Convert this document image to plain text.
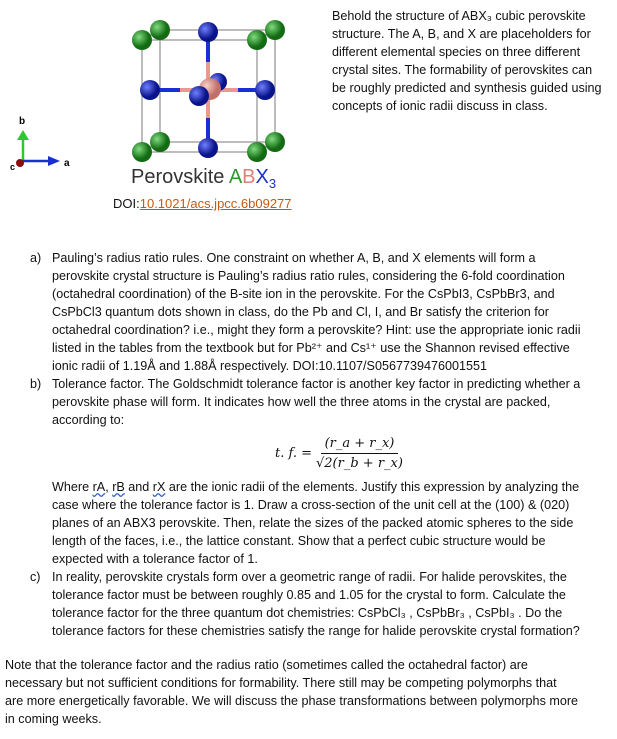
b
a
c	Perovskite $ABX_3$
DOI:10.1021/acs.jpcc.6b09277
t. f. = $\frac{(r\_a + r\_x)}{√2(r\_b + r\_x)}$
Where rA, rB and rX are the ionic radii of the elements. Justify this expression by analyzing the
Behold the structure of ABX₃ cubic perovskite
structure. The A, B, and X are placeholders for
different elemental species on three different
crystal sites. The formability of perovskites can
be roughly predicted and synthesis guided using
concepts of ionic radii discuss in class.
a) Pauling’s radius ratio rules. One constraint on whether A, B, and X elements will form a
perovskite crystal structure is Pauling’s radius ratio rules, considering the 6-fold coordination
(octahedral coordination) of the B-site ion in the perovskite. For the CsPbI3, CsPbBr3, and
CsPbCl3 quantum dots shown in class, do the Pb and Cl, I, and Br satisfy the criterion for
octahedral coordination? i.e., might they form a perovskite? Hint: use the appropriate ionic radii
listed in the tables from the textbook but for Pb²⁺ and Cs¹⁺ use the Shannon revised effective
ionic radii of 1.19Å and 1.88Å respectively. DOI:10.1107/S0567739476001551
b) Tolerance factor. The Goldschmidt tolerance factor is another key factor in predicting whether a
perovskite phase will form. It indicates how well the three atoms in the crystal are packed,
according to:
case where the tolerance factor is 1. Draw a cross-section of the unit cell at the (100) & (020)
planes of an ABX3 perovskite. Then, relate the sizes of the packed atomic spheres to the side
length of the faces, i.e., the lattice constant. Show that a perfect cubic structure would be
expected with a tolerance factor of 1.
c) In reality, perovskite crystals form over a geometric range of radii. For halide perovskites, the
tolerance factor must be between roughly 0.85 and 1.05 for the crystal to form. Calculate the
tolerance factor for the three quantum dot chemistries: CsPbCl₃ , CsPbBr₃ , CsPbI₃ . Do the
tolerance factors for these chemistries satisfy the range for halide perovskite crystal formation?
Note that the tolerance factor and the radius ratio (sometimes called the octahedral factor) are
necessary but not sufficient conditions for formability. There still may be competing polymorphs that
are more energetically favorable. We will discuss the phase transformations between polymorphs more
in coming weeks.
